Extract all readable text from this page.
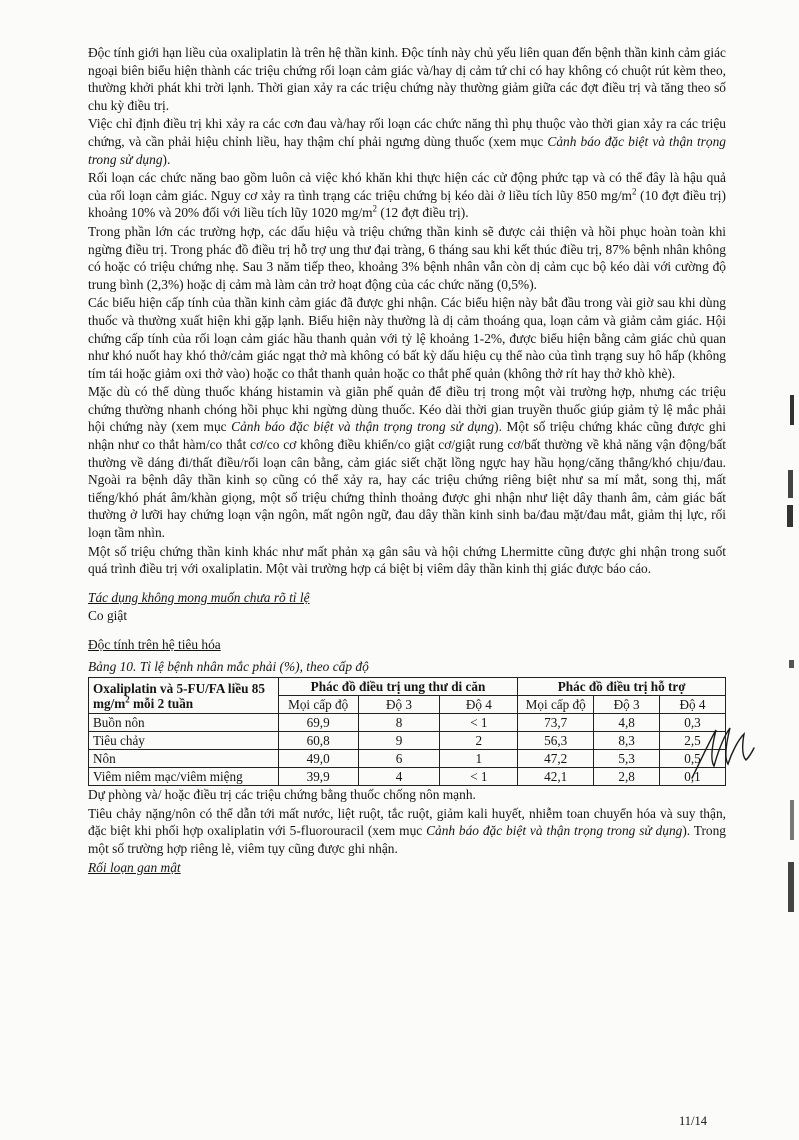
Độc tính giới hạn liều của oxaliplatin là trên hệ thần kinh. Độc tính này chủ yếu liên quan đến bệnh thần kinh cảm giác ngoại biên biểu hiện thành các triệu chứng rối loạn cảm giác và/hay dị cảm tứ chi có hay không có chuột rút kèm theo, thường khởi phát khi trời lạnh. Thời gian xảy ra các triệu chứng này thường giảm giữa các đợt điều trị và tăng theo số chu kỳ điều trị.

Việc chỉ định điều trị khi xảy ra các cơn đau và/hay rối loạn các chức năng thì phụ thuộc vào thời gian xảy ra các triệu chứng, và cần phải hiệu chỉnh liều, hay thậm chí phải ngưng dùng thuốc (xem mục Cảnh báo đặc biệt và thận trọng trong sử dụng).

Rối loạn các chức năng bao gồm luôn cả việc khó khăn khi thực hiện các cử động phức tạp và có thể đây là hậu quả của rối loạn cảm giác. Nguy cơ xảy ra tình trạng các triệu chứng bị kéo dài ở liều tích lũy 850 $mg/m^2$ (10 đợt điều trị) khoảng 10% và 20% đối với liều tích lũy 1020 $mg/m^2$ (12 đợt điều trị).

Trong phần lớn các trường hợp, các dấu hiệu và triệu chứng thần kinh sẽ được cải thiện và hồi phục hoàn toàn khi ngừng điều trị. Trong phác đồ điều trị hỗ trợ ung thư đại tràng, 6 tháng sau khi kết thúc điều trị, 87% bệnh nhân không có hoặc có triệu chứng nhẹ. Sau 3 năm tiếp theo, khoảng 3% bệnh nhân vẫn còn dị cảm cục bộ kéo dài với cường độ trung bình (2,3%) hoặc dị cảm mà làm cản trở hoạt động của các chức năng (0,5%).

Các biểu hiện cấp tính của thần kinh cảm giác đã được ghi nhận. Các biểu hiện này bắt đầu trong vài giờ sau khi dùng thuốc và thường xuất hiện khi gặp lạnh. Biểu hiện này thường là dị cảm thoáng qua, loạn cảm và giảm cảm giác. Hội chứng cấp tính của rối loạn cảm giác hầu thanh quản với tỷ lệ khoảng 1-2%, được biểu hiện bằng cảm giác chủ quan như khó nuốt hay khó thở/cảm giác ngạt thở mà không có bất kỳ dấu hiệu cụ thể nào của tình trạng suy hô hấp (không tím tái hoặc giảm oxi thở vào) hoặc co thắt thanh quản hoặc co thắt phế quản (không thở rít hay thở khò khè).

Mặc dù có thể dùng thuốc kháng histamin và giãn phế quản để điều trị trong một vài trường hợp, nhưng các triệu chứng thường nhanh chóng hồi phục khi ngừng dùng thuốc. Kéo dài thời gian truyền thuốc giúp giảm tỷ lệ mắc phải hội chứng này (xem mục Cảnh báo đặc biệt và thận trọng trong sử dụng). Một số triệu chứng khác cũng được ghi nhận như co thắt hàm/co thắt cơ/co cơ không điều khiển/co giật cơ/giật rung cơ/bất thường về khả năng vận động/bất thường về dáng đi/thất điều/rối loạn cân bằng, cảm giác siết chặt lồng ngực hay hầu họng/căng thẳng/khó chịu/đau. Ngoài ra bệnh dây thần kinh sọ cũng có thể xảy ra, hay các triệu chứng riêng biệt như sa mí mắt, song thị, mất tiếng/khó phát âm/khàn giọng, một số triệu chứng thỉnh thoảng được ghi nhận như liệt dây thanh âm, cảm giác bất thường ở lưỡi hay chứng loạn vận ngôn, mất ngôn ngữ, đau dây thần kinh sinh ba/đau mặt/đau mắt, giảm thị lực, rối loạn tầm nhìn.

Một số triệu chứng thần kinh khác như mất phản xạ gân sâu và hội chứng Lhermitte cũng được ghi nhận trong suốt quá trình điều trị với oxaliplatin. Một vài trường hợp cá biệt bị viêm dây thần kinh thị giác được báo cáo.

Tác dụng không mong muốn chưa rõ tỉ lệ

Co giật

Độc tính trên hệ tiêu hóa

Bảng 10. Tỉ lệ bệnh nhân mắc phải (%), theo cấp độ

Oxaliplatin và 5-FU/FA liều 85 $mg/m^2$ mỗi 2 tuần	Phác đồ điều trị ung thư di căn			Phác đồ điều trị hỗ trợ		
	Mọi cấp độ	Độ 3	Độ 4	Mọi cấp độ	Độ 3	Độ 4
Buồn nôn	69,9	8	< 1	73,7	4,8	0,3
Tiêu chảy	60,8	9	2	56,3	8,3	2,5
Nôn	49,0	6	1	47,2	5,3	0,5
Viêm niêm mạc/viêm miệng	39,9	4	< 1	42,1	2,8	0,1

Dự phòng và/ hoặc điều trị các triệu chứng bằng thuốc chống nôn mạnh.

Tiêu chảy nặng/nôn có thể dẫn tới mất nước, liệt ruột, tắc ruột, giảm kali huyết, nhiễm toan chuyển hóa và suy thận, đặc biệt khi phối hợp oxaliplatin với 5-fluorouracil (xem mục Cảnh báo đặc biệt và thận trọng trong sử dụng). Trong một số trường hợp riêng lẻ, viêm tụy cũng được ghi nhận.

Rối loạn gan mật

11/14
